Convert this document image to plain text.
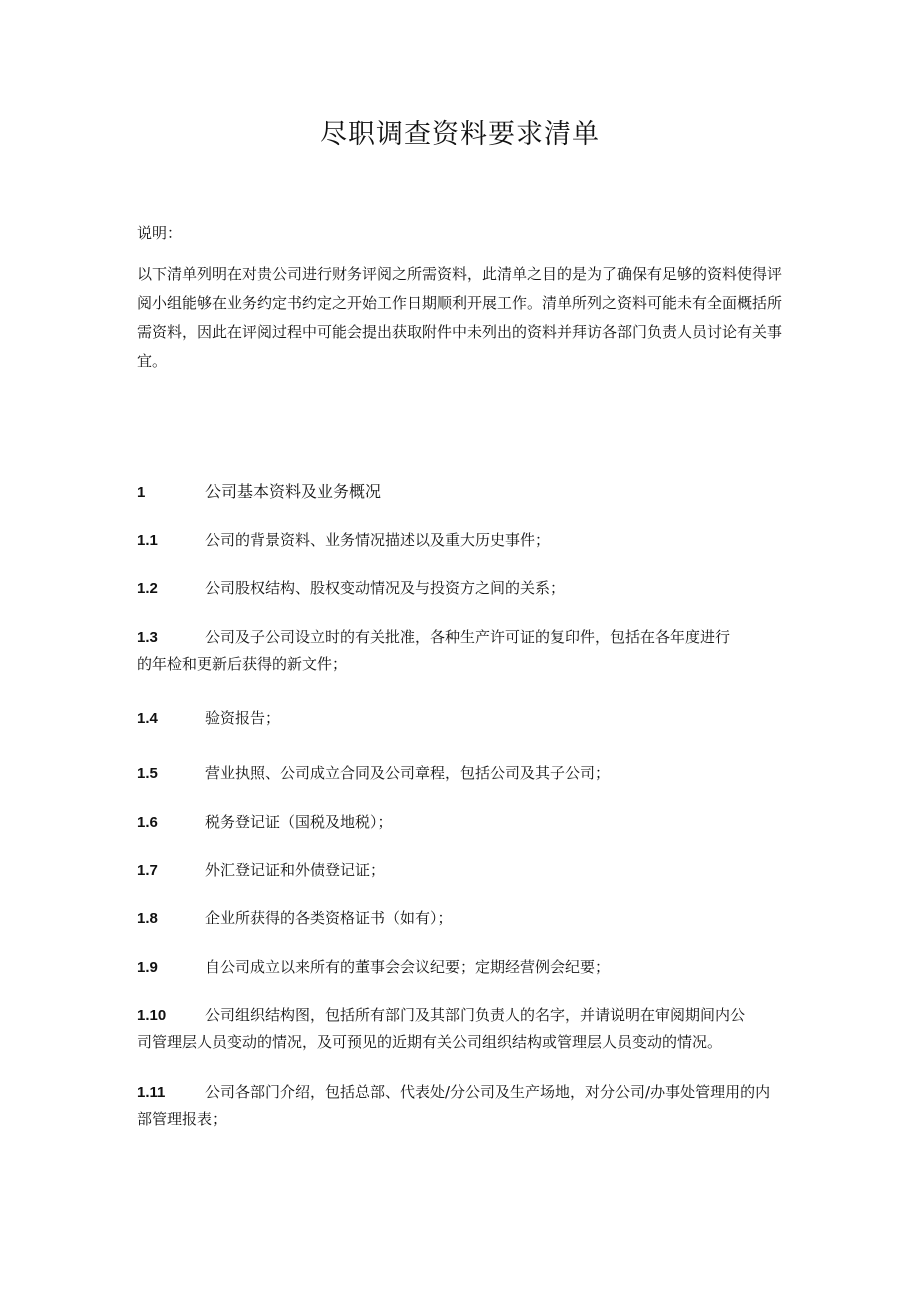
尽职调查资料要求清单

说明：

以下清单列明在对贵公司进行财务评阅之所需资料，此清单之目的是为了确保有足够的资料使得评阅小组能够在业务约定书约定之开始工作日期顺利开展工作。清单所列之资料可能未有全面概括所需资料，因此在评阅过程中可能会提出获取附件中未列出的资料并拜访各部门负责人员讨论有关事宜。

1	公司基本资料及业务概况

1.1	公司的背景资料、业务情况描述以及重大历史事件；

1.2	公司股权结构、股权变动情况及与投资方之间的关系；

1.3	公司及子公司设立时的有关批准，各种生产许可证的复印件，包括在各年度进行的年检和更新后获得的新文件；

1.4	验资报告；

1.5	营业执照、公司成立合同及公司章程，包括公司及其子公司；

1.6	税务登记证（国税及地税）；

1.7	外汇登记证和外债登记证；

1.8	企业所获得的各类资格证书（如有）；

1.9	自公司成立以来所有的董事会会议纪要；定期经营例会纪要；

1.10	公司组织结构图，包括所有部门及其部门负责人的名字，并请说明在审阅期间内公司管理层人员变动的情况，及可预见的近期有关公司组织结构或管理层人员变动的情况。

1.11	公司各部门介绍，包括总部、代表处/分公司及生产场地，对分公司/办事处管理用的内部管理报表；
